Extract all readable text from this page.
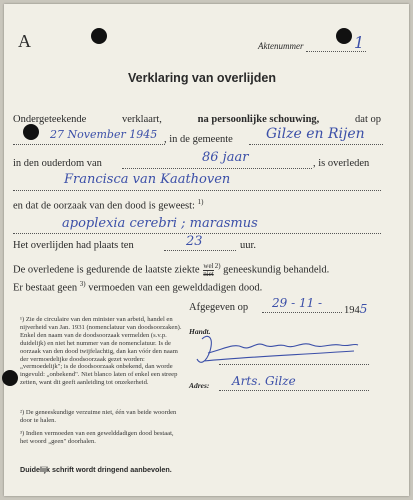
A	Aktenummer	1
Verklaring van overlijden
Ondergeteekende	verklaart,	na persoonlijke schouwing,	dat op
27 November 1945 , in de gemeente Gilze en Rijen
in den ouderdom van	86 jaar	, is overleden
Francisca van Kaathoven
en dat de oorzaak van den dood is geweest: $^{1)}$
apoplexia cerebri ; marasmus
Het overlijden had plaats ten	23	uur.
De overledene is gedurende de laatste ziekte wel
niet
$^{2)}$ geneeskundig behandeld.
Er bestaat geen $^{3)}$ vermoeden van een gewelddadigen dood.
Afgegeven op 29 - 11 -
1945
¹) Zie de circulaire van den minister van arbeid, handel en nijverheid van Jan. 1931 (nomenclatuur van doodsoorzaken). Enkel den naam van de doodsoorzaak vermelden (s.v.p. duidelijk) en niet het nummer van de nomenclatuur. Is de oorzaak van den dood twijfelachtig, dan kan vóór den naam der vermoedelijke doodsoorzaak gezet worden: „vermoedelijk"; is de doodsoorzaak onbekend, dan worde ingevuld: „onbekend". Niet blanco laten of enkel een streep zetten, want dit geeft aanleiding tot onzekerheid.
²) De geneeskundige verzuime niet, één van beide woorden door te halen.
³) Indien vermoeden van een gewelddadigen dood bestaat, het woord „geen" doorhalen.
Duidelijk schrift wordt dringend aanbevolen.
Handt.
Adres: Arts. Gilze
